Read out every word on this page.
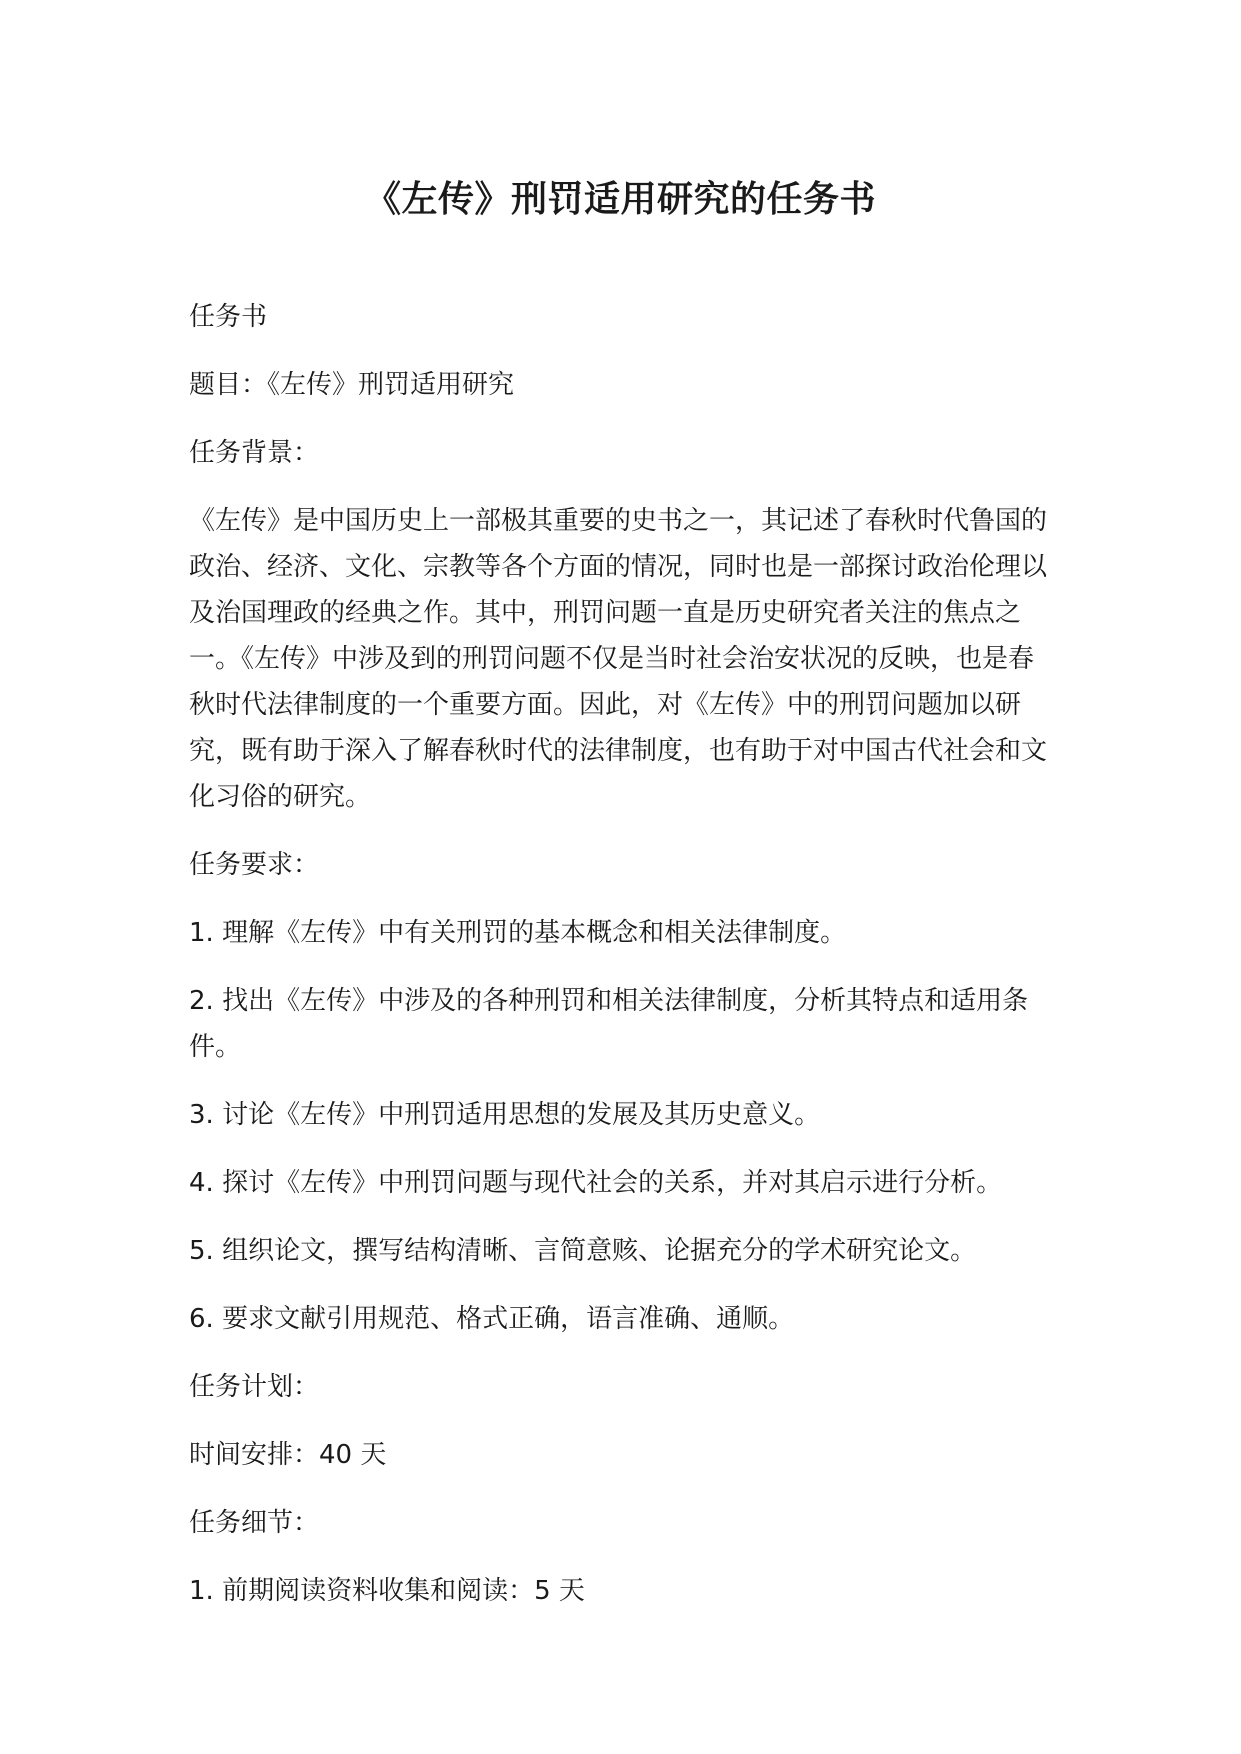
《左传》刑罚适用研究的任务书

任务书

题目：《左传》刑罚适用研究

任务背景：

《左传》是中国历史上一部极其重要的史书之一，其记述了春秋时代鲁国的政治、经济、文化、宗教等各个方面的情况，同时也是一部探讨政治伦理以及治国理政的经典之作。其中，刑罚问题一直是历史研究者关注的焦点之一。《左传》中涉及到的刑罚问题不仅是当时社会治安状况的反映，也是春秋时代法律制度的一个重要方面。因此，对《左传》中的刑罚问题加以研究，既有助于深入了解春秋时代的法律制度，也有助于对中国古代社会和文化习俗的研究。

任务要求：

1. 理解《左传》中有关刑罚的基本概念和相关法律制度。

2. 找出《左传》中涉及的各种刑罚和相关法律制度，分析其特点和适用条件。

3. 讨论《左传》中刑罚适用思想的发展及其历史意义。

4. 探讨《左传》中刑罚问题与现代社会的关系，并对其启示进行分析。

5. 组织论文，撰写结构清晰、言简意赅、论据充分的学术研究论文。

6. 要求文献引用规范、格式正确，语言准确、通顺。

任务计划：

时间安排：40 天

任务细节：

1. 前期阅读资料收集和阅读：5 天
